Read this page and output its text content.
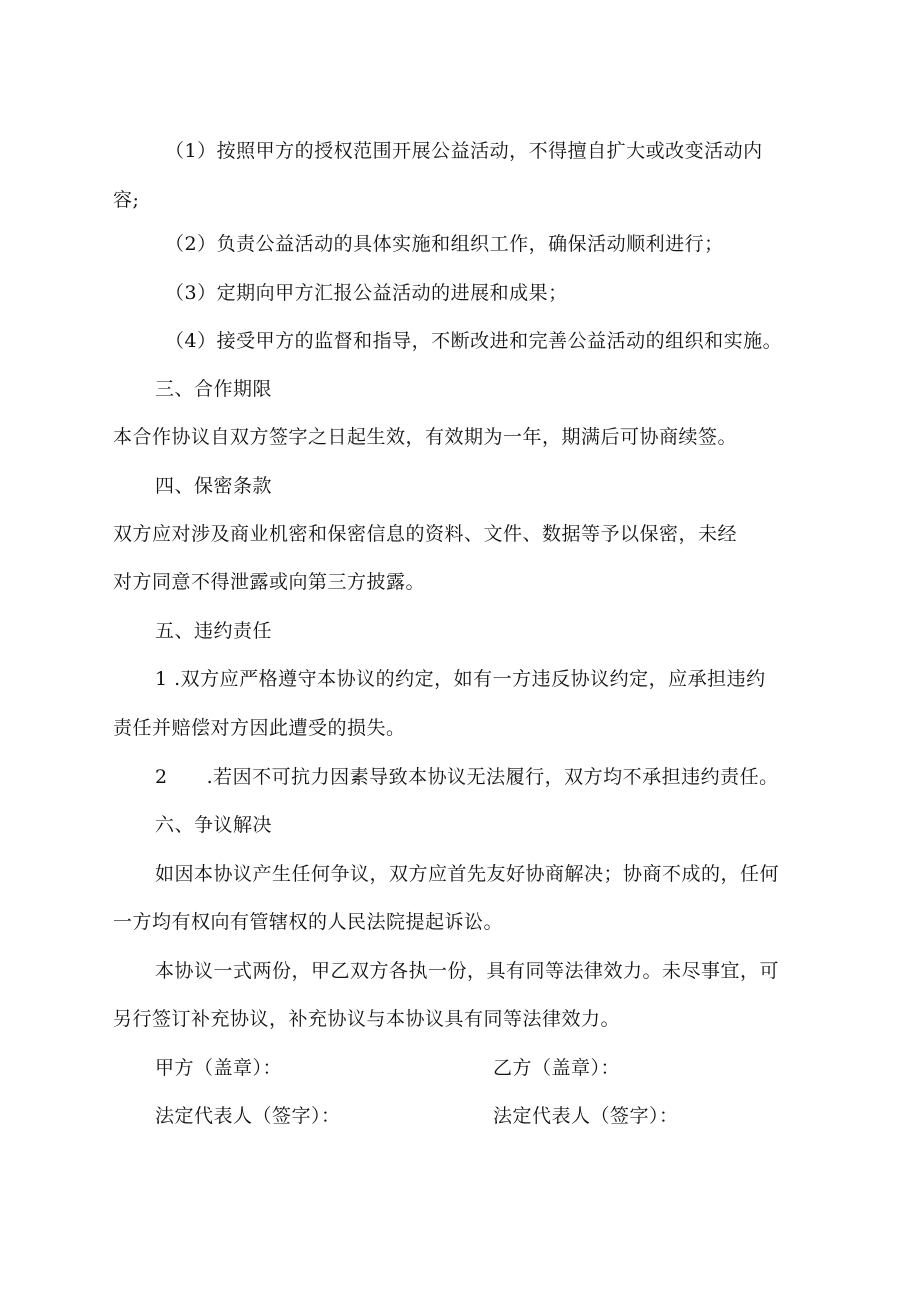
（1）按照甲方的授权范围开展公益活动，不得擅自扩大或改变活动内
容;
（2）负责公益活动的具体实施和组织工作，确保活动顺利进行；
（3）定期向甲方汇报公益活动的进展和成果；
（4）接受甲方的监督和指导，不断改进和完善公益活动的组织和实施。
三、合作期限
本合作协议自双方签字之日起生效，有效期为一年，期满后可协商续签。
四、保密条款
双方应对涉及商业机密和保密信息的资料、文件、数据等予以保密，未经
对方同意不得泄露或向第三方披露。
五、违约责任
1 .双方应严格遵守本协议的约定，如有一方违反协议约定，应承担违约
责任并赔偿对方因此遭受的损失。
2　　.若因不可抗力因素导致本协议无法履行，双方均不承担违约责任。
六、争议解决
如因本协议产生任何争议，双方应首先友好协商解决；协商不成的，任何
一方均有权向有管辖权的人民法院提起诉讼。
本协议一式两份，甲乙双方各执一份，具有同等法律效力。未尽事宜，可
另行签订补充协议，补充协议与本协议具有同等法律效力。
甲方（盖章）：	乙方（盖章）：
法定代表人（签字）：	法定代表人（签字）：
